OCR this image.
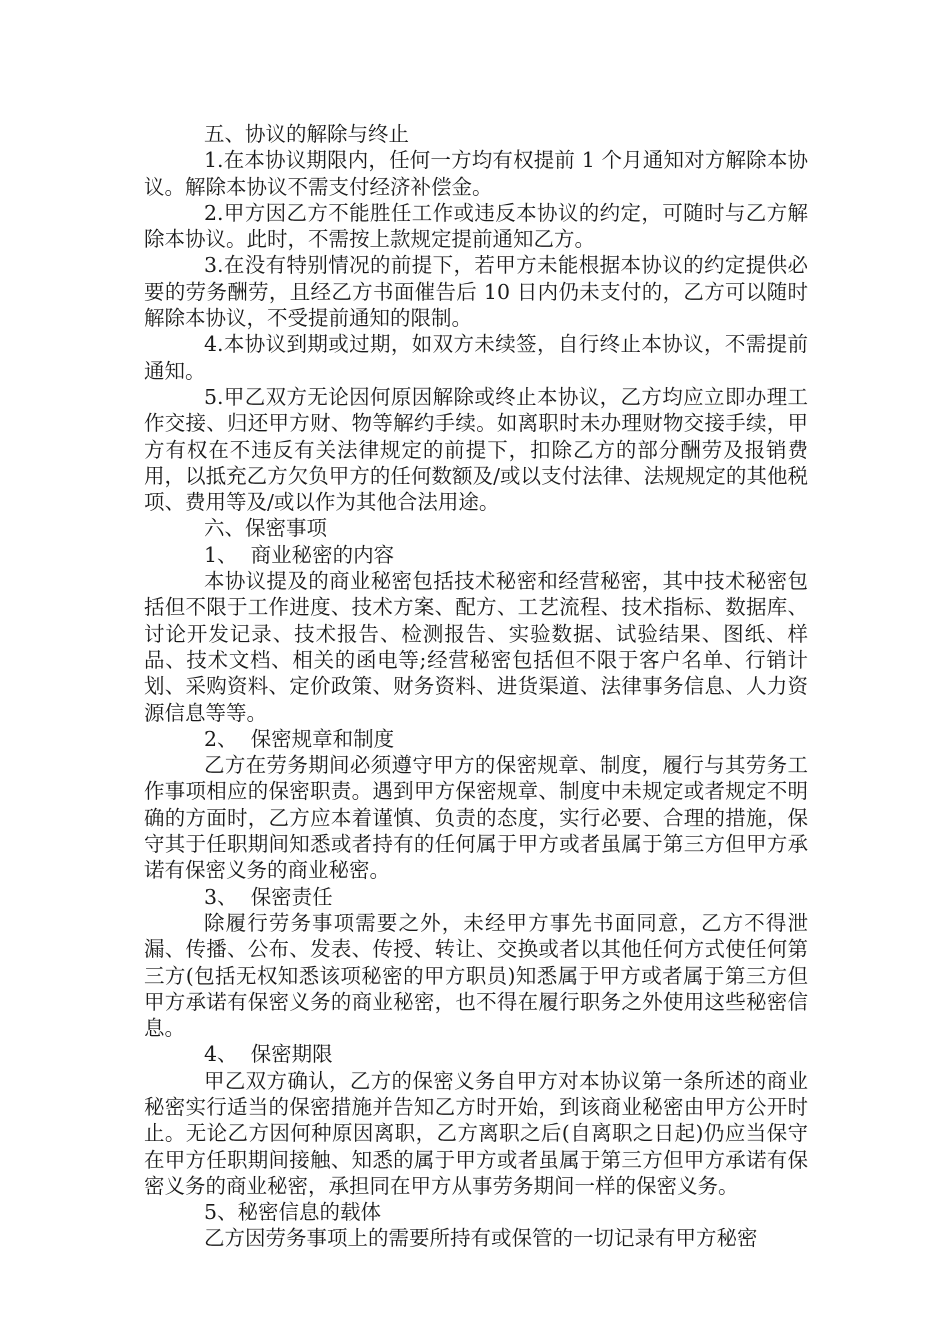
五、协议的解除与终止

1.在本协议期限内，任何一方均有权提前 1 个月通知对方解除本协议。解除本协议不需支付经济补偿金。

2.甲方因乙方不能胜任工作或违反本协议的约定，可随时与乙方解除本协议。此时，不需按上款规定提前通知乙方。

3.在没有特别情况的前提下，若甲方未能根据本协议的约定提供必要的劳务酬劳，且经乙方书面催告后 10 日内仍未支付的，乙方可以随时解除本协议，不受提前通知的限制。

4.本协议到期或过期，如双方未续签，自行终止本协议，不需提前通知。

5.甲乙双方无论因何原因解除或终止本协议，乙方均应立即办理工作交接、归还甲方财、物等解约手续。如离职时未办理财物交接手续，甲方有权在不违反有关法律规定的前提下，扣除乙方的部分酬劳及报销费用，以抵充乙方欠负甲方的任何数额及/或以支付法律、法规规定的其他税项、费用等及/或以作为其他合法用途。

六、保密事项

1、  商业秘密的内容

本协议提及的商业秘密包括技术秘密和经营秘密，其中技术秘密包括但不限于工作进度、技术方案、配方、工艺流程、技术指标、数据库、讨论开发记录、技术报告、检测报告、实验数据、试验结果、图纸、样品、技术文档、相关的函电等;经营秘密包括但不限于客户名单、行销计划、采购资料、定价政策、财务资料、进货渠道、法律事务信息、人力资源信息等等。

2、  保密规章和制度

乙方在劳务期间必须遵守甲方的保密规章、制度，履行与其劳务工作事项相应的保密职责。遇到甲方保密规章、制度中未规定或者规定不明确的方面时，乙方应本着谨慎、负责的态度，实行必要、合理的措施，保守其于任职期间知悉或者持有的任何属于甲方或者虽属于第三方但甲方承诺有保密义务的商业秘密。

3、  保密责任

除履行劳务事项需要之外，未经甲方事先书面同意，乙方不得泄漏、传播、公布、发表、传授、转让、交换或者以其他任何方式使任何第三方(包括无权知悉该项秘密的甲方职员)知悉属于甲方或者属于第三方但甲方承诺有保密义务的商业秘密，也不得在履行职务之外使用这些秘密信息。

4、  保密期限

甲乙双方确认，乙方的保密义务自甲方对本协议第一条所述的商业秘密实行适当的保密措施并告知乙方时开始，到该商业秘密由甲方公开时止。无论乙方因何种原因离职，乙方离职之后(自离职之日起)仍应当保守在甲方任职期间接触、知悉的属于甲方或者虽属于第三方但甲方承诺有保密义务的商业秘密，承担同在甲方从事劳务期间一样的保密义务。

5、秘密信息的载体

乙方因劳务事项上的需要所持有或保管的一切记录有甲方秘密
